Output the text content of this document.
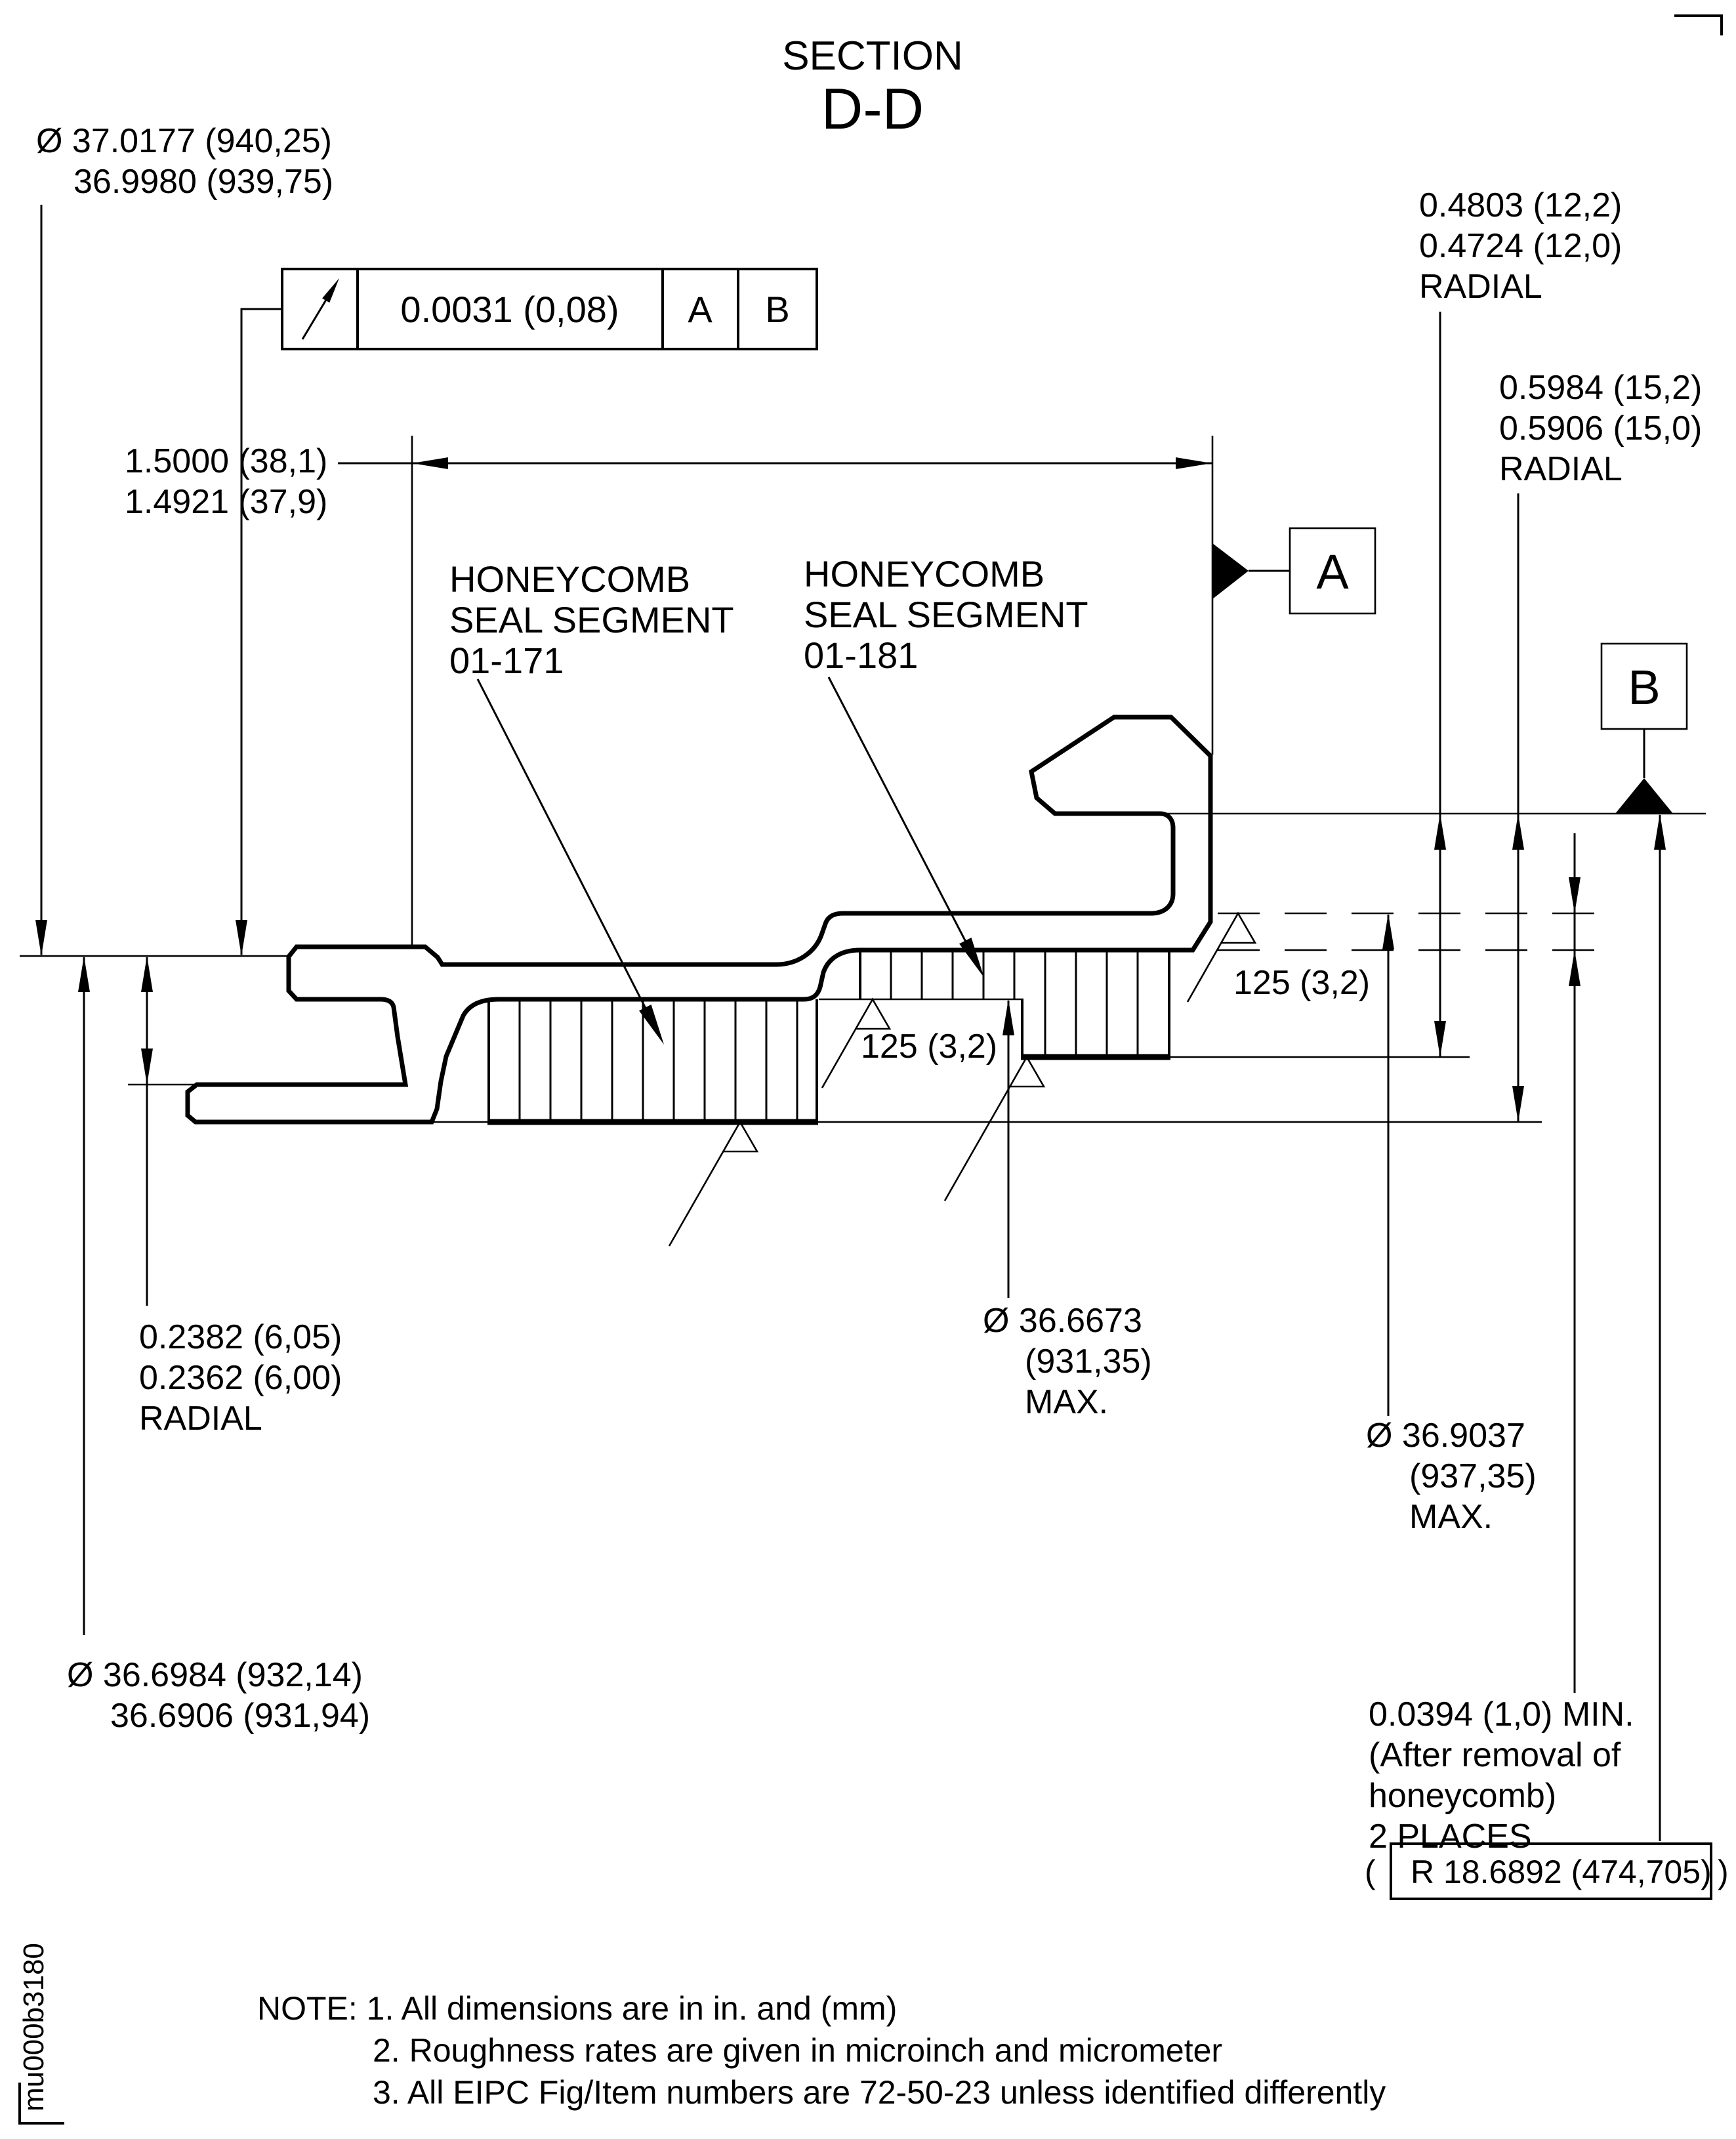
SECTION
D-D
mu000b3180
A
B
0.0031 (0,08) A B
Ø 37.0177 (940,25)
36.9980 (939,75)
1.5000 (38,1)
1.4921 (37,9)
0.4803 (12,2)
0.4724 (12,0)
RADIAL
0.5984 (15,2)
0.5906 (15,0)
RADIAL
0.2382 (6,05)
0.2362 (6,00)
RADIAL
Ø 36.6984 (932,14)
36.6906 (931,94)
Ø 36.6673
(931,35)
MAX.
Ø 36.9037
(937,35)
MAX.
0.0394 (1,0) MIN.
(After removal of
honeycomb)
2 PLACES
125 (3,2)
125 (3,2)
( R 18.6892 (474,705) )
HONEYCOMB
SEAL SEGMENT
01-171
HONEYCOMB
SEAL SEGMENT
01-181
NOTE: 1. All dimensions are in in. and (mm)
2. Roughness rates are given in microinch and micrometer
3. All EIPC Fig/Item numbers are 72-50-23 unless identified differently
